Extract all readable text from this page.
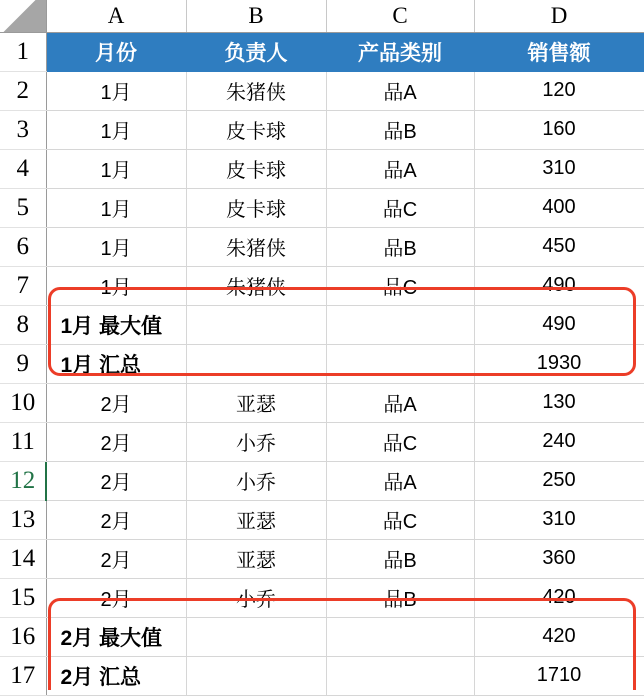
	A	B	C	D
1	月份	负责人	产品类别	销售额
2	1月	朱猪侠	品A	120
3	1月	皮卡球	品B	160
4	1月	皮卡球	品A	310
5	1月	皮卡球	品C	400
6	1月	朱猪侠	品B	450
7	1月	朱猪侠	品C	490
8	1月 最大值			490
9	1月 汇总			1930
10	2月	亚瑟	品A	130
11	2月	小乔	品C	240
12	2月	小乔	品A	250
13	2月	亚瑟	品C	310
14	2月	亚瑟	品B	360
15	2月	小乔	品B	420
16	2月 最大值			420
17	2月 汇总			1710
